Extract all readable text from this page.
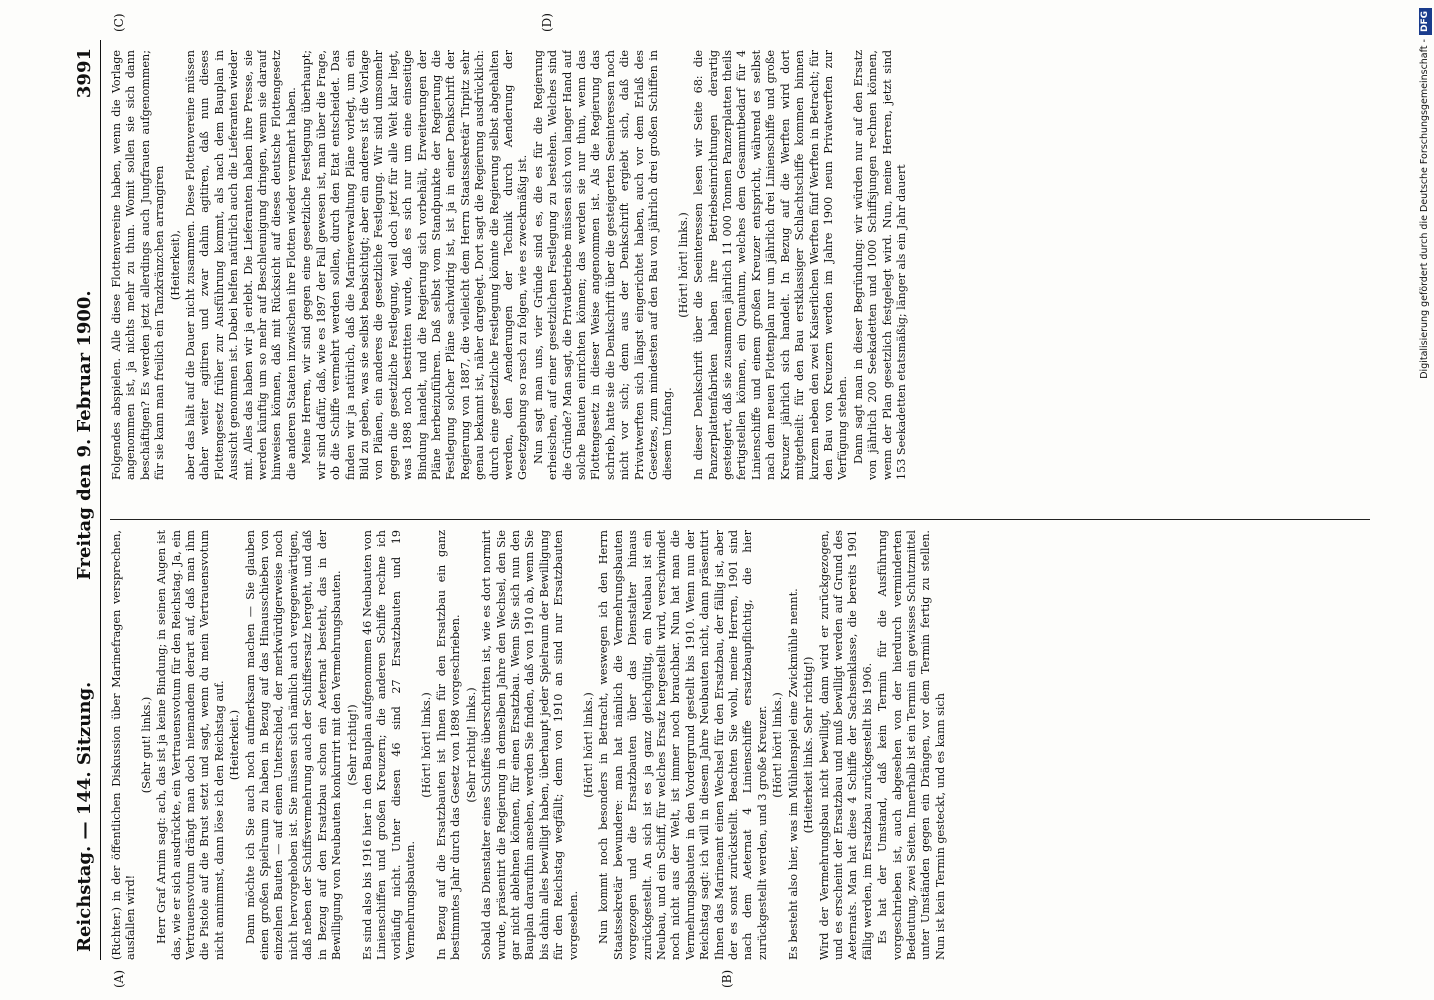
Reichstag. — 144. Sitzung.
Freitag den 9. Februar 1900.
3991
(A)	(B)
(C)	(D)

(Richter.) in der öffentlichen Diskussion über Marinefragen versprechen, ausfallen wird!

(Sehr gut! links.) Herr Graf Arnim sagt: ach, das ist ja keine Bindung; in seinen Augen ist das, wie er sich ausdrückte, ein Vertrauensvotum für den Reichstag. Ja, ein Vertrauensvotum drängt man doch niemandem derart auf, daß man ihm die Pistole auf die Brust setzt und sagt, wenn du mein Vertrauensvotum nicht annimmst, dann löse ich den Reichstag auf. (Heiterkeit.) Dann möchte ich Sie auch noch aufmerksam machen — Sie glauben einen großen Spielraum zu haben in Bezug auf das Hinausschieben von einzelnen Bauten — auf einen Unterschied, der merkwürdigerweise noch nicht hervorgehoben ist. Sie müssen sich nämlich auch vergegenwärtigen, daß neben der Schiffsvermehrung auch der Schiffsersatz hergeht, und daß in Bezug auf den Ersatzbau schon ein Aeternat besteht, das in der Bewilligung von Neubauten konkurrirt mit den Vermehrungsbauten. (Sehr richtig!) Es sind also bis 1916 hier in den Bauplan aufgenommen 46 Neubauten von Linienschiffen und großen Kreuzern; die anderen Schiffe rechne ich vorläufig nicht. Unter diesen 46 sind 27 Ersatzbauten und 19 Vermehrungsbauten.

(Hört! hört! links.) In Bezug auf die Ersatzbauten ist Ihnen für den Ersatzbau ein ganz bestimmtes Jahr durch das Gesetz von 1898 vorgeschrieben. (Sehr richtig! links.) Sobald das Dienstalter eines Schiffes überschritten ist, wie es dort normirt wurde, präsentirt die Regierung in demselben Jahre den Wechsel, den Sie gar nicht ablehnen können, für einen Ersatzbau. Wenn Sie sich nun den Bauplan daraufhin ansehen, werden Sie finden, daß von 1910 ab, wenn Sie bis dahin alles bewilligt haben, überhaupt jeder Spielraum der Bewilligung für den Reichstag wegfällt; denn von 1910 an sind nur Ersatzbauten vorgesehen.

(Hört! hört! links.) Nun kommt noch besonders in Betracht, weswegen ich den Herrn Staatssekretär bewundere: man hat nämlich die Vermehrungsbauten vorgezogen und die Ersatzbauten über das Dienstalter hinaus zurückgestellt. An sich ist es ja ganz gleichgültig, ein Neubau ist ein Neubau, und ein Schiff, für welches Ersatz hergestellt wird, verschwindet noch nicht aus der Welt, ist immer noch brauchbar. Nun hat man die Vermehrungsbauten in den Vordergrund gestellt bis 1910. Wenn nun der Reichstag sagt: ich will in diesem Jahre Neubauten nicht, dann präsentirt Ihnen das Marineamt einen Wechsel für den Ersatzbau, der fällig ist, aber der es sonst zurückstellt. Beachten Sie wohl, meine Herren, 1901 sind nach dem Aeternat 4 Linienschiffe ersatzbaupflichtig, die hier zurückgestellt werden, und 3 große Kreuzer. (Hört! hört! links.) Es besteht also hier, was im Mühlenspiel eine Zwickmühle nennt. (Heiterkeit links. Sehr richtig!) Wird der Vermehrungsbau nicht bewilligt, dann wird er zurückgezogen, und es erscheint der Ersatzbau und muß bewilligt werden auf Grund des Aeternats. Man hat diese 4 Schiffe der Sachsenklasse, die bereits 1901 fällig werden, im Ersatzbau zurückgestellt bis 1906. Es hat der Umstand, daß kein Termin für die Ausführung vorgeschrieben ist, auch abgesehen von der hierdurch verminderten Bedeutung, zwei Seiten. Innerhalb ist ein Termin ein gewisses Schutzmittel unter Umständen gegen ein Drängen, vor dem Termin fertig zu stellen. Nun ist kein Termin gesteckt, und es kann sich

Folgendes abspielen. Alle diese Flottenvereine haben, wenn die Vorlage angenommen ist, ja nichts mehr zu thun. Womit sollen sie sich dann beschäftigen? Es werden jetzt allerdings auch Jungfrauen aufgenommen; für sie kann man freilich ein Tanzkränzchen arrangiren (Heiterkeit), aber das hält auf die Dauer nicht zusammen. Diese Flottenvereine müssen daher weiter agitiren und zwar dahin agitiren, daß nun dieses Flottengesetz früher zur Ausführung kommt, als nach dem Bauplan in Aussicht genommen ist. Dabei helfen natürlich auch die Lieferanten wieder mit. Alles das haben wir ja erlebt. Die Lieferanten haben ihre Presse, sie werden künftig um so mehr auf Beschleunigung dringen, wenn sie darauf hinweisen können, daß mit Rücksicht auf dieses deutsche Flottengesetz die anderen Staaten inzwischen ihre Flotten wieder vermehrt haben. Meine Herren, wir sind gegen eine gesetzliche Festlegung überhaupt; wir sind dafür, daß, wie es 1897 der Fall gewesen ist, man über die Frage, ob die Schiffe vermehrt werden sollen, durch den Etat entscheidet. Das finden wir ja natürlich, daß die Marineverwaltung Pläne vorlegt, um ein Bild zu geben, was sie selbst beabsichtigt; aber ein anderes ist die Vorlage von Plänen, ein anderes die gesetzliche Festlegung. Wir sind umsomehr gegen die gesetzliche Festlegung, weil doch jetzt für alle Welt klar liegt, was 1898 noch bestritten wurde, daß es sich nur um eine einseitige Bindung handelt, und die Regierung sich vorbehält, Erweiterungen der Pläne herbeizuführen. Daß selbst vom Standpunkte der Regierung die Festlegung solcher Pläne sachwidrig ist, ist ja in einer Denkschrift der Regierung von 1887, die vielleicht dem Herrn Staatssekretär Tirpitz sehr genau bekannt ist, näher dargelegt. Dort sagt die Regierung ausdrücklich: durch eine gesetzliche Festlegung könnte die Regierung selbst abgehalten werden, den Aenderungen der Technik durch Aenderung der Gesetzgebung so rasch zu folgen, wie es zweckmäßig ist. Nun sagt man uns, vier Gründe sind es, die es für die Regierung erheischen, auf einer gesetzlichen Festlegung zu bestehen. Welches sind die Gründe? Man sagt, die Privatbetriebe müssen sich von langer Hand auf solche Bauten einrichten können; das werden sie nur thun, wenn das Flottengesetz in dieser Weise angenommen ist. Als die Regierung das schrieb, hatte sie die Denkschrift über die gesteigerten Seeinteressen noch nicht vor sich; denn aus der Denkschrift ergiebt sich, daß die Privatwerften sich längst eingerichtet haben, auch vor dem Erlaß des Gesetzes, zum mindesten auf den Bau von jährlich drei großen Schiffen in diesem Umfang.

(Hört! hört! links.) In dieser Denkschrift über die Seeinteressen lesen wir Seite 68: die Panzerplattenfabriken haben ihre Betriebseinrichtungen derartig gesteigert, daß sie zusammen jährlich 11 000 Tonnen Panzerplatten theils fertigstellen können, ein Quantum, welches dem Gesammtbedarf für 4 Linienschiffe und einem großen Kreuzer entspricht, während es selbst nach dem neuen Flottenplan nur um jährlich drei Linienschiffe und große Kreuzer jährlich sich handelt. In Bezug auf die Werften wird dort mitgetheilt: für den Bau erstklassiger Schlachtschiffe kommen binnen kurzem neben den zwei Kaiserlichen Werften fünf Werften in Betracht; für den Bau von Kreuzern werden im Jahre 1900 neun Privatwerften zur Verfügung stehen. Dann sagt man in dieser Begründung: wir würden nur auf den Ersatz von jährlich 200 Seekadetten und 1000 Schiffsjungen rechnen können, wenn der Plan gesetzlich festgelegt wird. Nun, meine Herren, jetzt sind 153 Seekadetten etatsmäßig; länger als ein Jahr dauert	Digitalisierung gefördert durch die Deutsche Forschungsgemeinschaft -DFG
